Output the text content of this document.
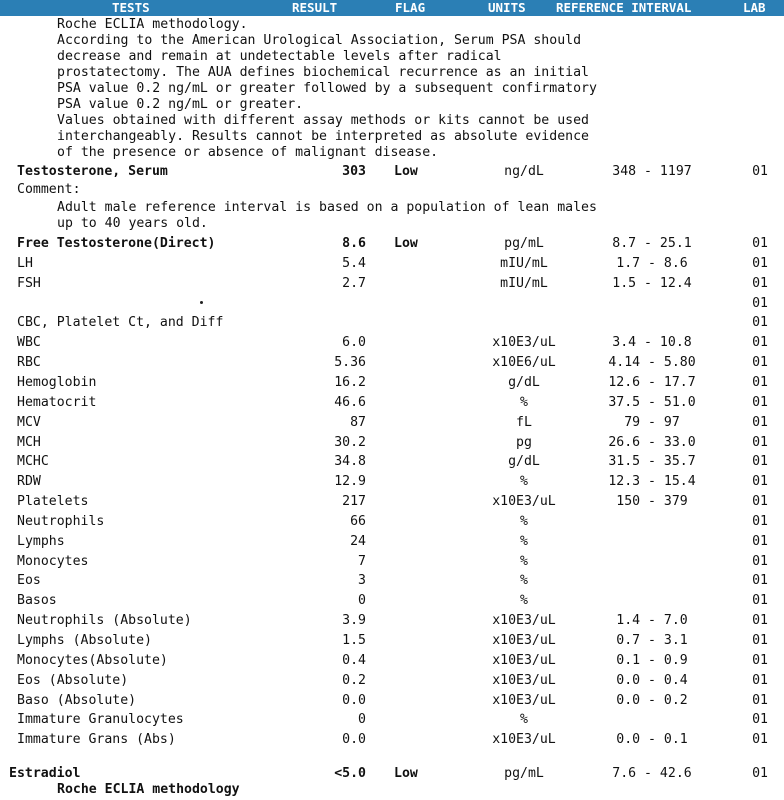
TESTS	RESULT	FLAG	UNITS REFERENCE INTERVAL	LAB
Roche ECLIA methodology.
According to the American Urological Association, Serum PSA should
decrease and remain at undetectable levels after radical
prostatectomy. The AUA defines biochemical recurrence as an initial
PSA value 0.2 ng/mL or greater followed by a subsequent confirmatory
PSA value 0.2 ng/mL or greater.
Values obtained with different assay methods or kits cannot be used
interchangeably. Results cannot be interpreted as absolute evidence
of the presence or absence of malignant disease.
Testosterone, Serum	303 Low	ng/dL	348 - 1197	01
Comment:
Adult male reference interval is based on a population of lean males
up to 40 years old.
Free Testosterone(Direct)	8.6 Low	pg/mL	8.7 - 25.1	01
LH	5.4	mIU/mL	1.7 - 8.6	01
FSH	2.7	mIU/mL	1.5 - 12.4	01
01
CBC, Platelet Ct, and Diff	01
WBC	6.0	x10E3/uL	3.4 - 10.8	01
RBC	5.36	x10E6/uL	4.14 - 5.80	01
Hemoglobin	16.2	g/dL	12.6 - 17.7	01
Hematocrit	46.6	%	37.5 - 51.0	01
MCV	87	fL	79 - 97	01
MCH	30.2	pg	26.6 - 33.0	01
MCHC	34.8	g/dL	31.5 - 35.7	01
RDW	12.9	%	12.3 - 15.4	01
Platelets	217	x10E3/uL	150 - 379	01
Neutrophils	66	%	01
Lymphs	24	%	01
Monocytes	7	%	01
Eos	3	%	01
Basos	0	%	01
Neutrophils (Absolute)	3.9	x10E3/uL	1.4 - 7.0	01
Lymphs (Absolute)	1.5	x10E3/uL	0.7 - 3.1	01
Monocytes(Absolute)	0.4	x10E3/uL	0.1 - 0.9	01
Eos (Absolute)	0.2	x10E3/uL	0.0 - 0.4	01
Baso (Absolute)	0.0	x10E3/uL	0.0 - 0.2	01
Immature Granulocytes	0	%	01
Immature Grans (Abs)	0.0	x10E3/uL	0.0 - 0.1	01
Estradiol	<5.0 Low	pg/mL	7.6 - 42.6	01
Roche ECLIA methodology
